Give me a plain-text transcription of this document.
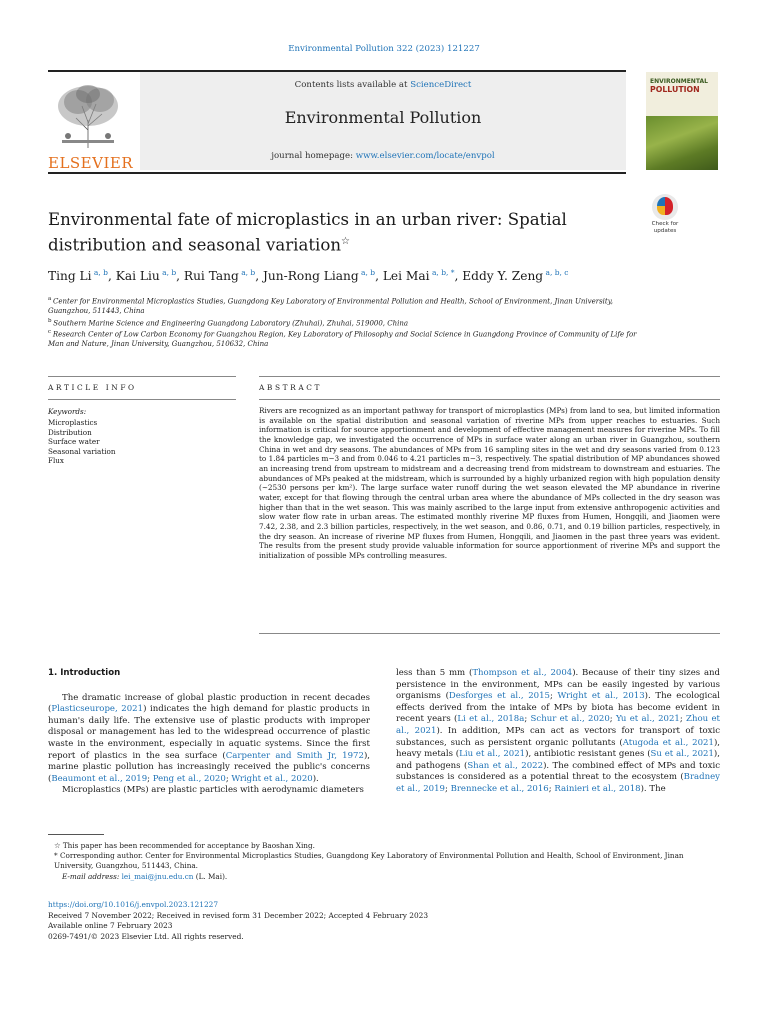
Environmental Pollution 322 (2023) 121227
ELSEVIER
Contents lists available at ScienceDirect
Environmental Pollution
journal homepage: www.elsevier.com/locate/envpol
ENVIRONMENTAL
POLLUTION
Environmental fate of microplastics in an urban river: Spatial distribution and seasonal variation☆
Check for
updates
Ting Li $^{a, b}$, Kai Liu $^{a, b}$, Rui Tang $^{a, b}$, Jun-Rong Liang $^{a, b}$, Lei Mai $^{a, b, *}$, Eddy Y. Zeng $^{a, b, c}$
$^a$ Center for Environmental Microplastics Studies, Guangdong Key Laboratory of Environmental Pollution and Health, School of Environment, Jinan University, Guangzhou, 511443, China
$^b$ Southern Marine Science and Engineering Guangdong Laboratory (Zhuhai), Zhuhai, 519000, China
$^c$ Research Center of Low Carbon Economy for Guangzhou Region, Key Laboratory of Philosophy and Social Science in Guangdong Province of Community of Life for Man and Nature, Jinan University, Guangzhou, 510632, China
ARTICLE INFO	ABSTRACT
Keywords:
Microplastics
Distribution
Surface water
Seasonal variation
Flux
Rivers are recognized as an important pathway for transport of microplastics (MPs) from land to sea, but limited information is available on the spatial distribution and seasonal variation of riverine MPs from upper reaches to estuaries. Such information is critical for source apportionment and development of effective management measures for riverine MPs. To fill the knowledge gap, we investigated the occurrence of MPs in surface water along an urban river in Guangzhou, southern China in wet and dry seasons. The abundances of MPs from 16 sampling sites in the wet and dry seasons varied from 0.123 to 1.84 particles m−3 and from 0.046 to 4.21 particles m−3, respectively. The spatial distribution of MP abundances showed an increasing trend from upstream to midstream and a decreasing trend from midstream to downstream and estuaries. The abundances of MPs peaked at the midstream, which is surrounded by a highly urbanized region with high population density (~2530 persons per km²). The large surface water runoff during the wet season elevated the MP abundance in riverine water, except for that flowing through the central urban area where the abundance of MPs collected in the dry season was higher than that in the wet season. This was mainly ascribed to the large input from extensive anthropogenic activities and slow water flow rate in urban areas. The estimated monthly riverine MP fluxes from Humen, Hongqili, and Jiaomen were 7.42, 2.38, and 2.3 billion particles, respectively, in the wet season, and 0.86, 0.71, and 0.19 billion particles, respectively, in the dry season. An increase of riverine MP fluxes from Humen, Hongqili, and Jiaomen in the past three years was evident. The results from the present study provide valuable information for source apportionment of riverine MPs and support the initialization of possible MPs controlling measures.
1. Introduction

The dramatic increase of global plastic production in recent decades (Plasticseurope, 2021) indicates the high demand for plastic products in human's daily life. The extensive use of plastic products with improper disposal or management has led to the widespread occurrence of plastic waste in the environment, especially in aquatic systems. Since the first report of plastics in the sea surface (Carpenter and Smith Jr, 1972), marine plastic pollution has increasingly received the public's concerns (Beaumont et al., 2019; Peng et al., 2020; Wright et al., 2020).

Microplastics (MPs) are plastic particles with aerodynamic diameters

less than 5 mm (Thompson et al., 2004). Because of their tiny sizes and persistence in the environment, MPs can be easily ingested by various organisms (Desforges et al., 2015; Wright et al., 2013). The ecological effects derived from the intake of MPs by biota has become evident in recent years (Li et al., 2018a; Schur et al., 2020; Yu et al., 2021; Zhou et al., 2021). In addition, MPs can act as vectors for transport of toxic substances, such as persistent organic pollutants (Atugoda et al., 2021), heavy metals (Liu et al., 2021), antibiotic resistant genes (Su et al., 2021), and pathogens (Shan et al., 2022). The combined effect of MPs and toxic substances is considered as a potential threat to the ecosystem (Bradney et al., 2019; Brennecke et al., 2016; Rainieri et al., 2018). The

☆ This paper has been recommended for acceptance by Baoshan Xing.
* Corresponding author. Center for Environmental Microplastics Studies, Guangdong Key Laboratory of Environmental Pollution and Health, School of Environment, Jinan University, Guangzhou, 511443, China.
E-mail address: lei_mai@jnu.edu.cn (L. Mai).
https://doi.org/10.1016/j.envpol.2023.121227
Received 7 November 2022; Received in revised form 31 December 2022; Accepted 4 February 2023
Available online 7 February 2023
0269-7491/© 2023 Elsevier Ltd. All rights reserved.
